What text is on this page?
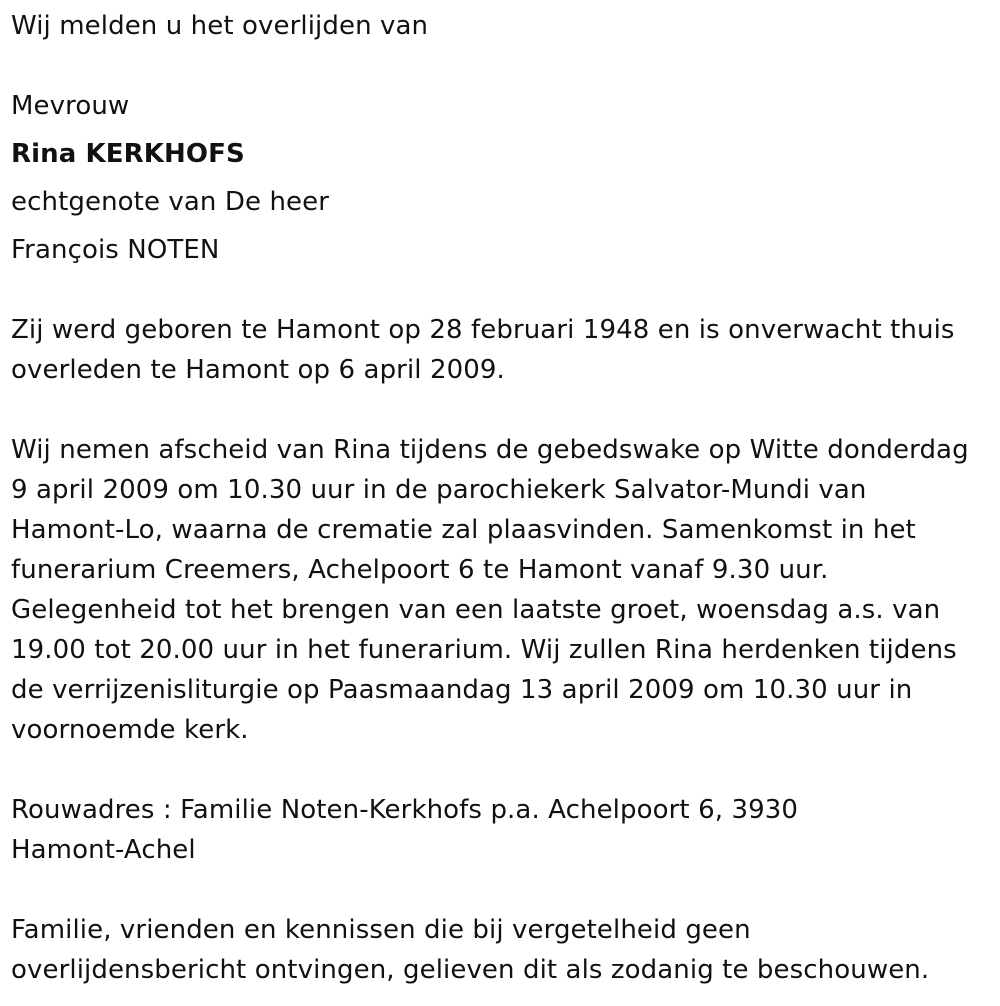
Wij melden u het overlijden van
Mevrouw
Rina KERKHOFS
echtgenote van De heer
François NOTEN
Zij werd geboren te Hamont op 28 februari 1948 en is onverwacht thuis
overleden te Hamont op 6 april 2009.
Wij nemen afscheid van Rina tijdens de gebedswake op Witte donderdag
9 april 2009 om 10.30 uur in de parochiekerk Salvator-Mundi van
Hamont-Lo, waarna de crematie zal plaasvinden. Samenkomst in het
funerarium Creemers, Achelpoort 6 te Hamont vanaf 9.30 uur.
Gelegenheid tot het brengen van een laatste groet, woensdag a.s. van
19.00 tot 20.00 uur in het funerarium. Wij zullen Rina herdenken tijdens
de verrijzenisliturgie op Paasmaandag 13 april 2009 om 10.30 uur in
voornoemde kerk.
Rouwadres : Familie Noten-Kerkhofs p.a. Achelpoort 6, 3930
Hamont-Achel
Familie, vrienden en kennissen die bij vergetelheid geen
overlijdensbericht ontvingen, gelieven dit als zodanig te beschouwen.
